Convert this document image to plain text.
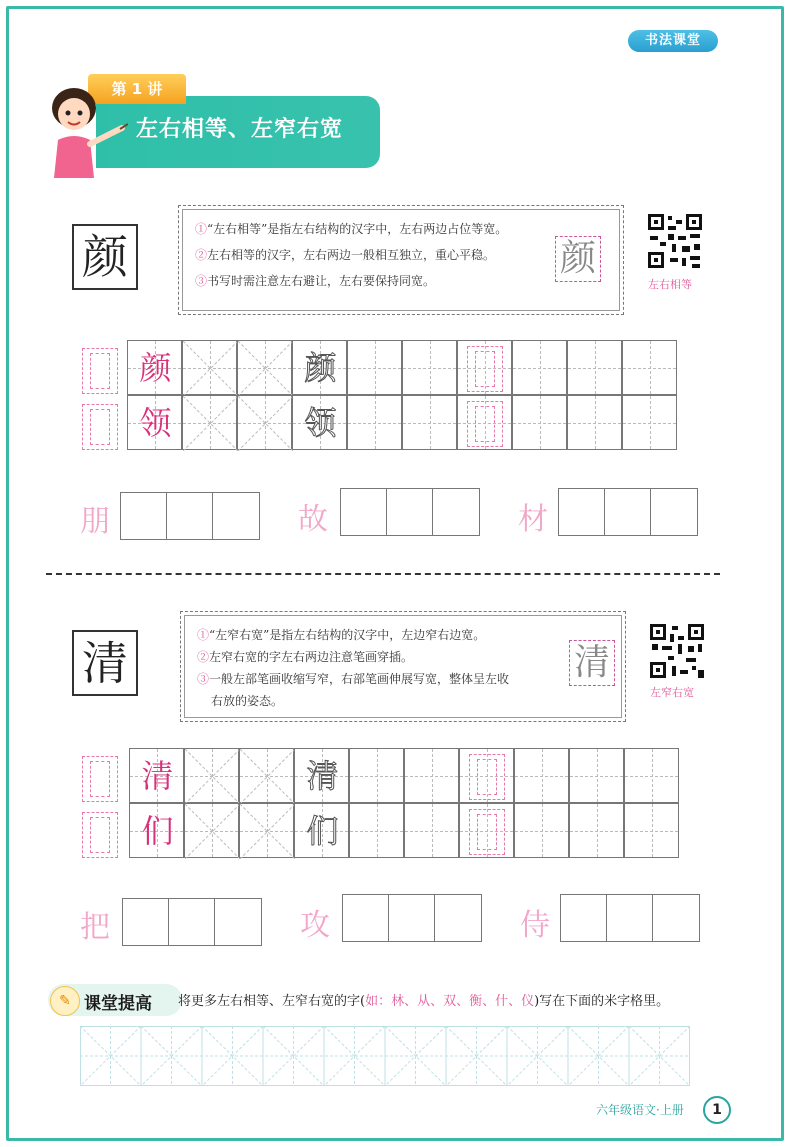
书法课堂
第 1 讲
左右相等、左窄右宽
颜
①“左右相等”是指左右结构的汉字中，左右两边占位等宽。
②左右相等的汉字，左右两边一般相互独立，重心平稳。
③书写时需注意左右避让，左右要保持同宽。
颜
左右相等
颜	颜
领	领
朋	故	材
清
①“左窄右宽”是指左右结构的汉字中，左边窄右边宽。
②左窄右宽的字左右两边注意笔画穿插。
③一般左部笔画收缩写窄，右部笔画伸展写宽，整体呈左收
右放的姿态。
清
左窄右宽
清	清
们	们
把	攻	侍
✎ 课堂提高 将更多左右相等、左窄右宽的字(如：林、从、双、衡、什、仪)写在下面的米字格里。
六年级语文·上册	1
